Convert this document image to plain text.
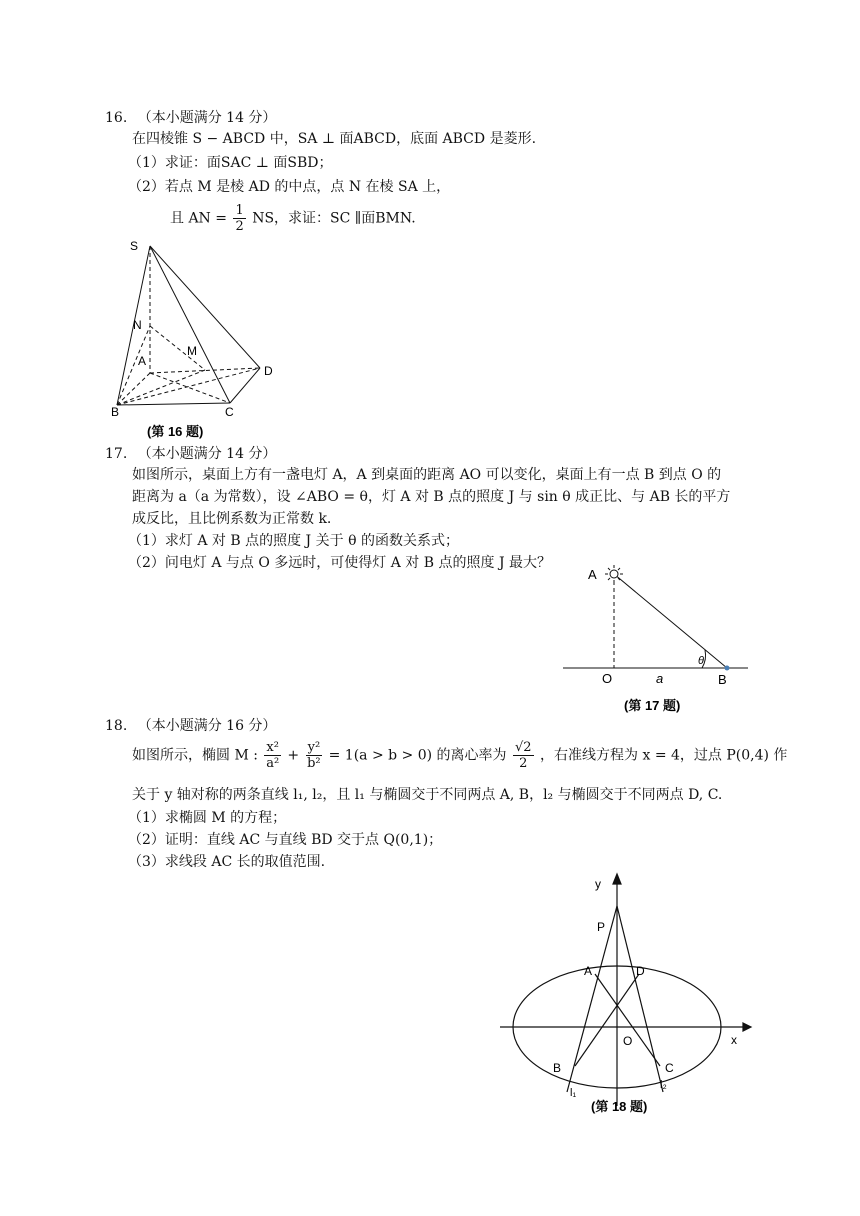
16. （本小题满分 14 分）
在四棱锥 S − ABCD 中，SA ⊥ 面ABCD，底面 ABCD 是菱形.
（1）求证：面SAC ⊥ 面SBD；
（2）若点 M 是棱 AD 的中点，点 N 在棱 SA 上，
且 AN = $\frac{1}{2}$ NS，求证：SC ∥面BMN.
S
N
A
M
D
B	C
(第 16 题)
17. （本小题满分 14 分）
如图所示，桌面上方有一盏电灯 A，A 到桌面的距离 AO 可以变化，桌面上有一点 B 到点 O 的
距离为 a（a 为常数），设 ∠ABO = θ，灯 A 对 B 点的照度 J 与 sin θ 成正比、与 AB 长的平方
成反比，且比例系数为正常数 k.
（1）求灯 A 对 B 点的照度 J 关于 θ 的函数关系式；
（2）问电灯 A 与点 O 多远时，可使得灯 A 对 B 点的照度 J 最大？
A
O	a	B
θ
(第 17 题)
18. （本小题满分 16 分）
如图所示，椭圆 M : $\frac{\text{x²}}{\text{a²}} + \frac{\text{y²}}{\text{b²}} = 1(a > b > 0)$ 的离心率为 $\frac{√2}{2}$ ，右准线方程为 x = 4，过点 P(0,4) 作
关于 y 轴对称的两条直线 l₁, l₂，且 l₁ 与椭圆交于不同两点 A, B，l₂ 与椭圆交于不同两点 D, C.
（1）求椭圆 M 的方程；
（2）证明：直线 AC 与直线 BD 交于点 Q(0,1)；
（3）求线段 AC 长的取值范围.
y
P
A	D
O	x
B	C
l₁
l₂
(第 18 题)
